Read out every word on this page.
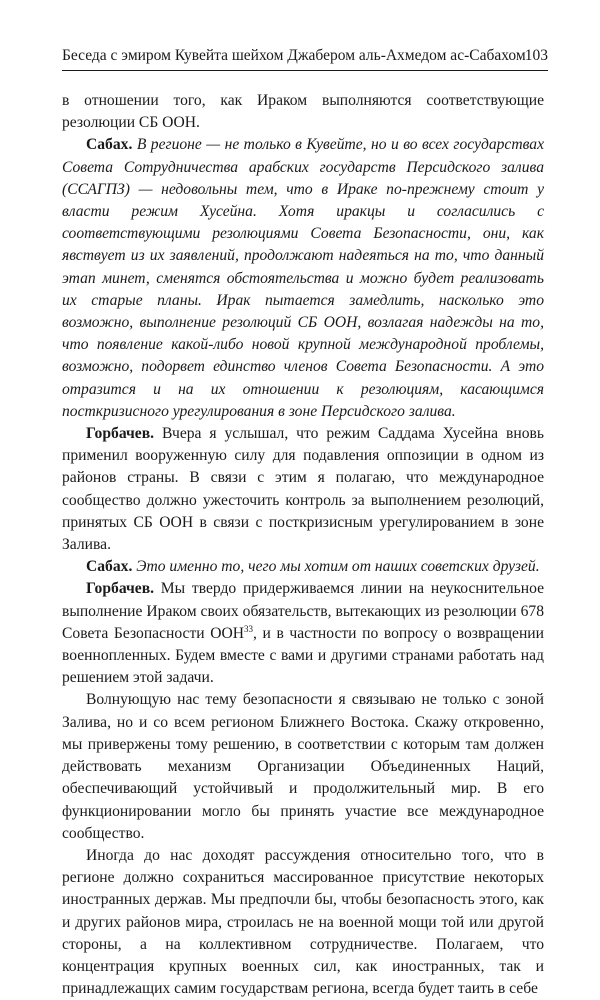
Беседа с эмиром Кувейта шейхом Джабером аль-Ахмедом ас-Сабахом 103

в отношении того, как Ираком выполняются соответствующие резолюции СБ ООН.

Сабах. В регионе — не только в Кувейте, но и во всех государствах Совета Сотрудничества арабских государств Персидского залива (ССАГПЗ) — недовольны тем, что в Ираке по-прежнему стоит у власти режим Хусейна. Хотя иракцы и согласились с соответствующими резолюциями Совета Безопасности, они, как явствует из их заявлений, продолжают надеяться на то, что данный этап минет, сменятся обстоятельства и можно будет реализовать их старые планы. Ирак пытается замедлить, насколько это возможно, выполнение резолюций СБ ООН, возлагая надежды на то, что появление какой-либо новой крупной международной проблемы, возможно, подорвет единство членов Совета Безопасности. А это отразится и на их отношении к резолюциям, касающимся посткризисного урегулирования в зоне Персидского залива.

Горбачев. Вчера я услышал, что режим Саддама Хусейна вновь применил вооруженную силу для подавления оппозиции в одном из районов страны. В связи с этим я полагаю, что международное сообщество должно ужесточить контроль за выполнением резолюций, принятых СБ ООН в связи с посткризисным урегулированием в зоне Залива.

Сабах. Это именно то, чего мы хотим от наших советских друзей.

Горбачев. Мы твердо придерживаемся линии на неукоснительное выполнение Ираком своих обязательств, вытекающих из резолюции 678 Совета Безопасности ООН$^{33}$, и в частности по вопросу о возвращении военнопленных. Будем вместе с вами и другими странами работать над решением этой задачи.

Волнующую нас тему безопасности я связываю не только с зоной Залива, но и со всем регионом Ближнего Востока. Скажу откровенно, мы привержены тому решению, в соответствии с которым там должен действовать механизм Организации Объединенных Наций, обеспечивающий устойчивый и продолжительный мир. В его функционировании могло бы принять участие все международное сообщество.

Иногда до нас доходят рассуждения относительно того, что в регионе должно сохраниться массированное присутствие некоторых иностранных держав. Мы предпочли бы, чтобы безопасность этого, как и других районов мира, строилась не на военной мощи той или другой стороны, а на коллективном сотрудничестве. Полагаем, что концентрация крупных военных сил, как иностранных, так и принадлежащих самим государствам региона, всегда будет таить в себе
